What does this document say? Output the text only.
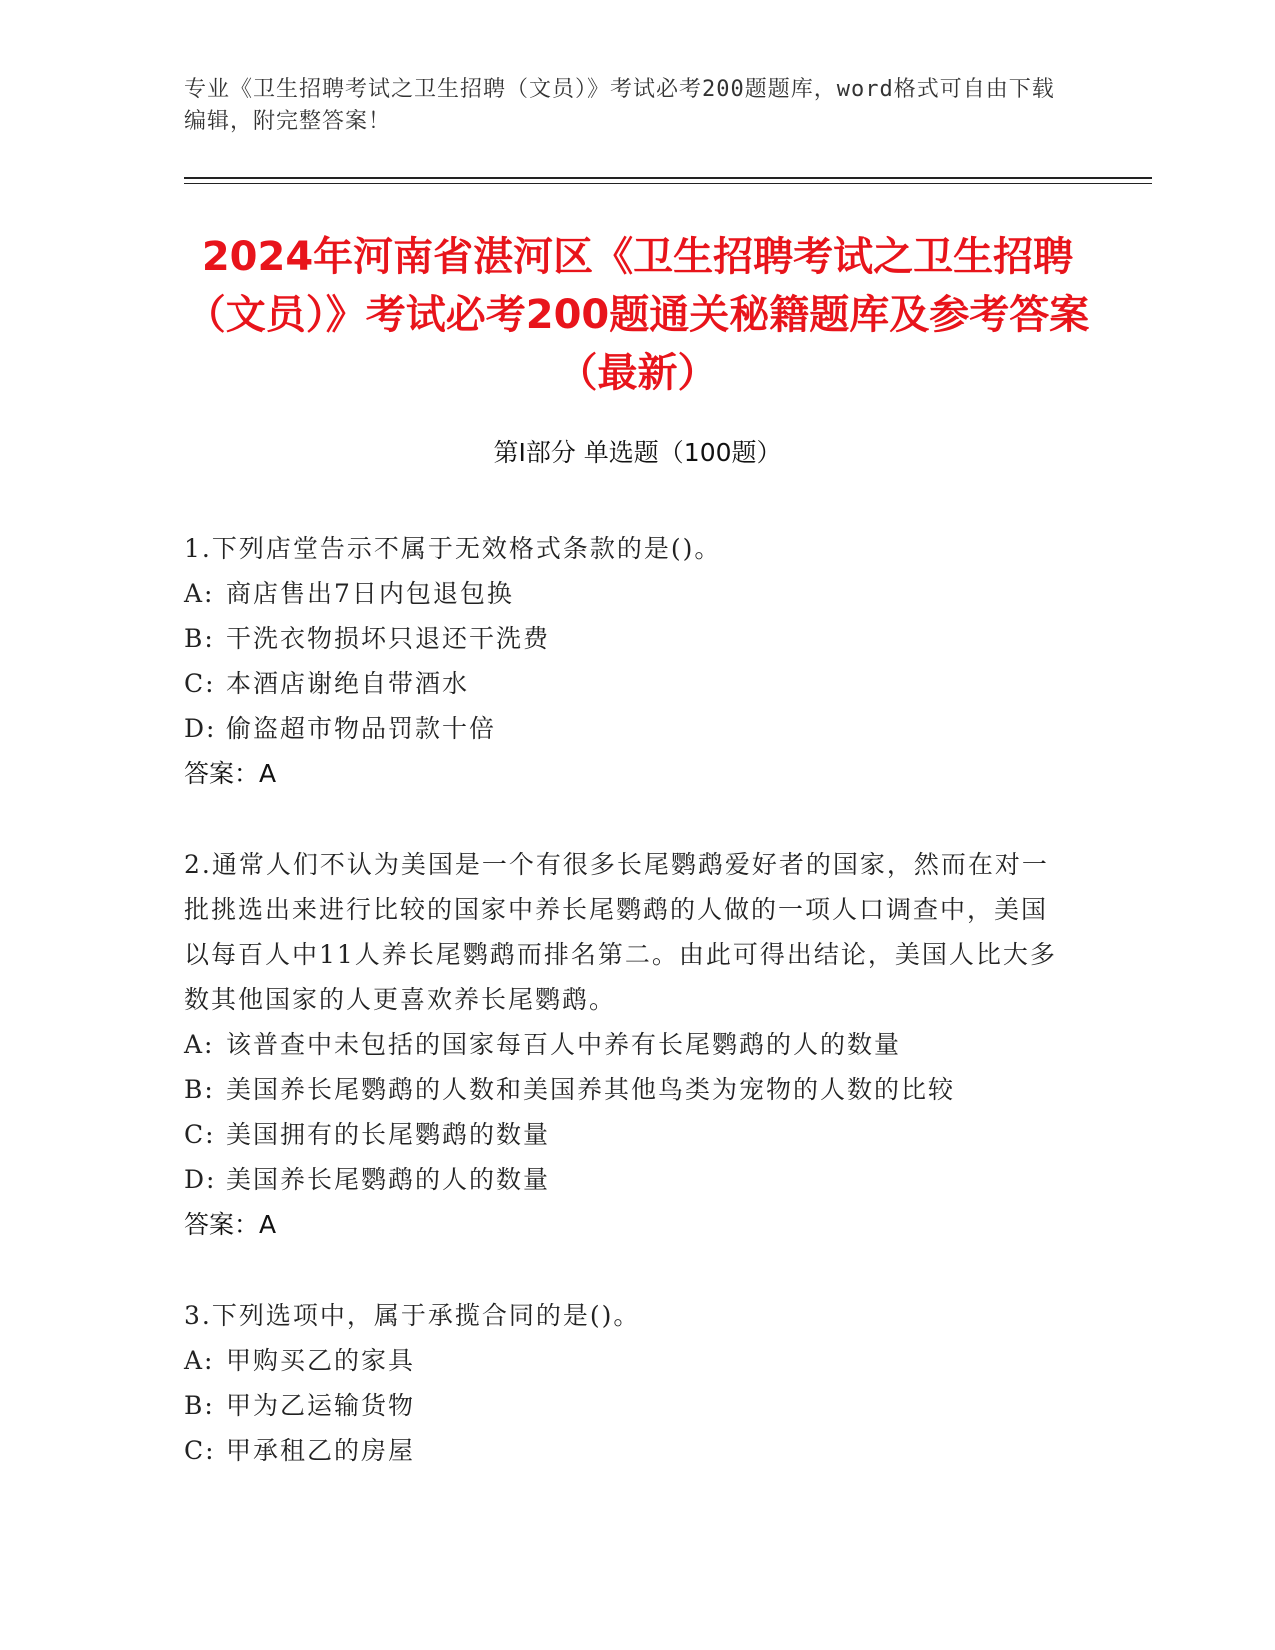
专业《卫生招聘考试之卫生招聘（文员）》考试必考200题题库，word格式可自由下载编辑，附完整答案！
2024年河南省湛河区《卫生招聘考试之卫生招聘（文员）》考试必考200题通关秘籍题库及参考答案（最新）
第I部分 单选题（100题）

1.下列店堂告示不属于无效格式条款的是()。

A: 商店售出7日内包退包换

B: 干洗衣物损坏只退还干洗费

C: 本酒店谢绝自带酒水

D: 偷盗超市物品罚款十倍

答案：A

2.通常人们不认为美国是一个有很多长尾鹦鹉爱好者的国家，然而在对一批挑选出来进行比较的国家中养长尾鹦鹉的人做的一项人口调查中，美国以每百人中11人养长尾鹦鹉而排名第二。由此可得出结论，美国人比大多数其他国家的人更喜欢养长尾鹦鹉。

A: 该普查中未包括的国家每百人中养有长尾鹦鹉的人的数量

B: 美国养长尾鹦鹉的人数和美国养其他鸟类为宠物的人数的比较

C: 美国拥有的长尾鹦鹉的数量

D: 美国养长尾鹦鹉的人的数量

答案：A

3.下列选项中，属于承揽合同的是()。

A: 甲购买乙的家具

B: 甲为乙运输货物

C: 甲承租乙的房屋
